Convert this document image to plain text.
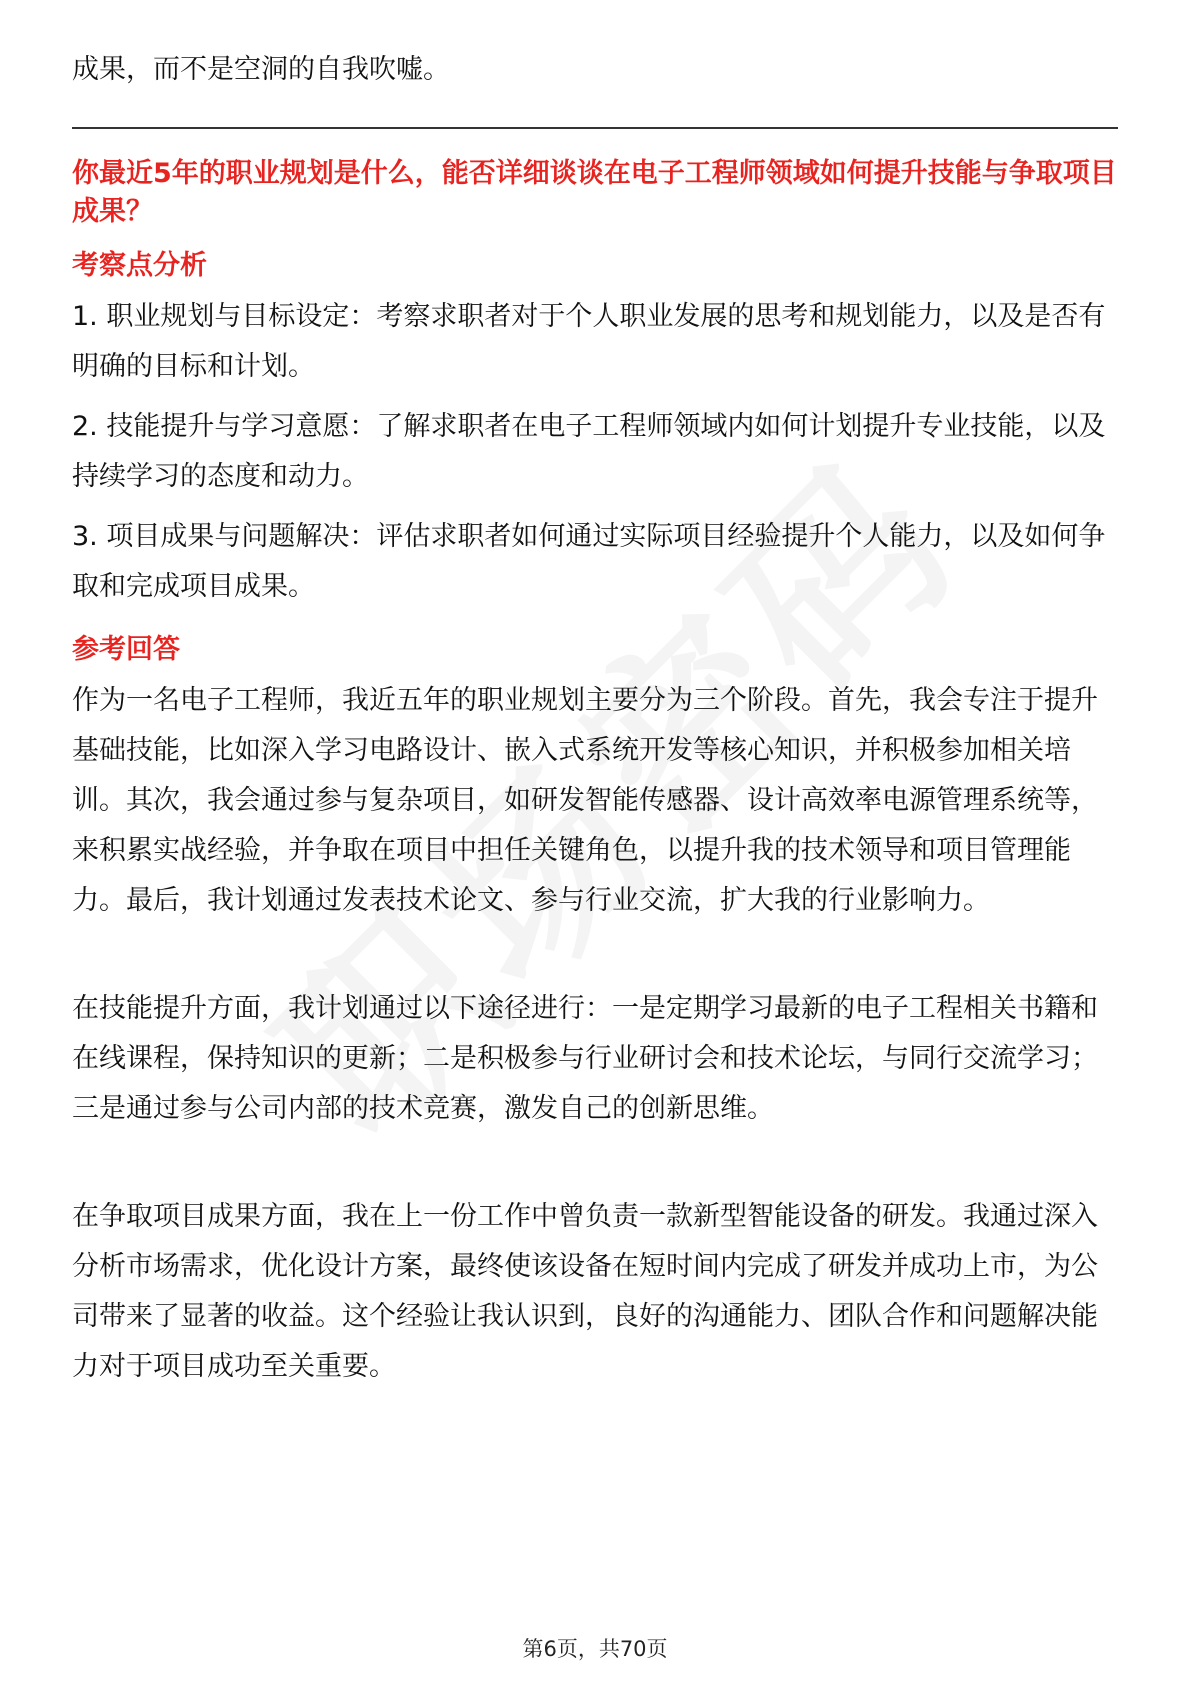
成果，而不是空洞的自我吹嘘。

你最近5年的职业规划是什么，能否详细谈谈在电子工程师领域如何提升技能与争取项目成果？

考察点分析

1. 职业规划与目标设定：考察求职者对于个人职业发展的思考和规划能力，以及是否有明确的目标和计划。

2. 技能提升与学习意愿：了解求职者在电子工程师领域内如何计划提升专业技能，以及持续学习的态度和动力。

3. 项目成果与问题解决：评估求职者如何通过实际项目经验提升个人能力，以及如何争取和完成项目成果。

参考回答

作为一名电子工程师，我近五年的职业规划主要分为三个阶段。首先，我会专注于提升基础技能，比如深入学习电路设计、嵌入式系统开发等核心知识，并积极参加相关培训。其次，我会通过参与复杂项目，如研发智能传感器、设计高效率电源管理系统等，来积累实战经验，并争取在项目中担任关键角色，以提升我的技术领导和项目管理能力。最后，我计划通过发表技术论文、参与行业交流，扩大我的行业影响力。

在技能提升方面，我计划通过以下途径进行：一是定期学习最新的电子工程相关书籍和在线课程，保持知识的更新；二是积极参与行业研讨会和技术论坛，与同行交流学习；三是通过参与公司内部的技术竞赛，激发自己的创新思维。

在争取项目成果方面，我在上一份工作中曾负责一款新型智能设备的研发。我通过深入分析市场需求，优化设计方案，最终使该设备在短时间内完成了研发并成功上市，为公司带来了显著的收益。这个经验让我认识到，良好的沟通能力、团队合作和问题解决能力对于项目成功至关重要。

第6页，共70页
